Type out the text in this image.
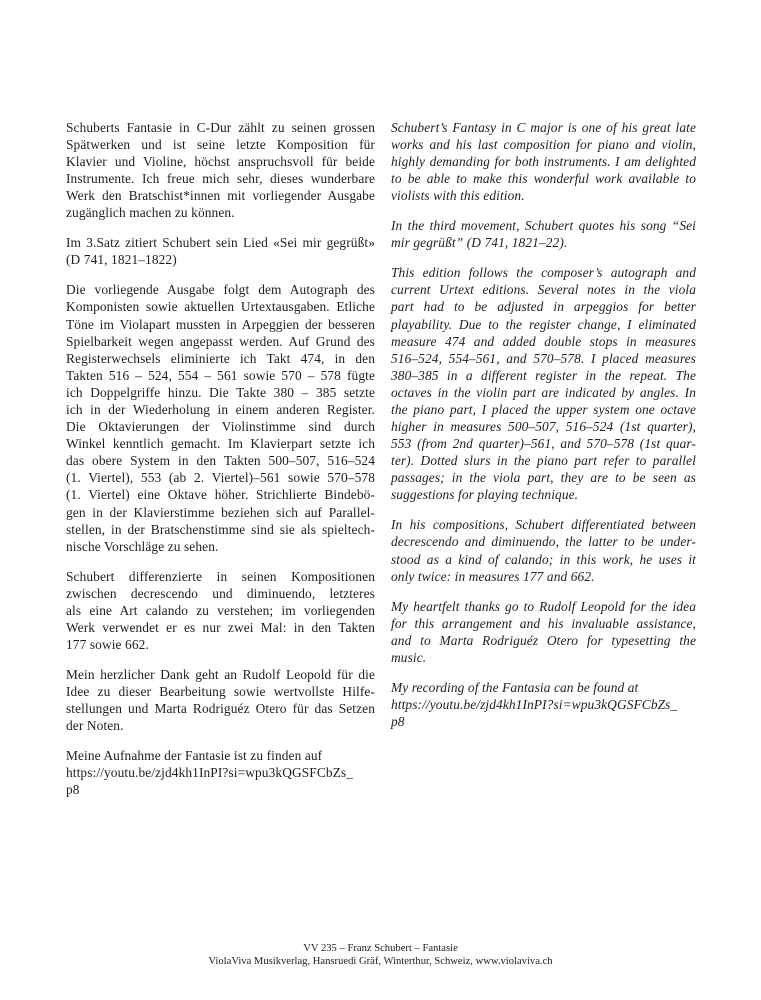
Schuberts Fantasie in C-Dur zählt zu seinen grossen
Spätwerken und ist seine letzte Komposition für
Klavier und Violine, höchst anspruchsvoll für beide
Instrumente. Ich freue mich sehr, dieses wunderbare
Werk den Bratschist*innen mit vorliegender Ausgabe
zugänglich machen zu können.
Im 3.Satz zitiert Schubert sein Lied «Sei mir gegrüßt»
(D 741, 1821–1822)
Die vorliegende Ausgabe folgt dem Autograph des
Komponisten sowie aktuellen Urtextausgaben. Etliche
Töne im Violapart mussten in Arpeggien der besseren
Spielbarkeit wegen angepasst werden. Auf Grund des
Registerwechsels eliminierte ich Takt 474, in den
Takten 516 – 524, 554 – 561 sowie 570 – 578 fügte
ich Doppelgriffe hinzu. Die Takte 380 – 385 setzte
ich in der Wiederholung in einem anderen Register.
Die Oktavierungen der Violinstimme sind durch
Winkel kenntlich gemacht. Im Klavierpart setzte ich
das obere System in den Takten 500–507, 516–524
(1. Viertel), 553 (ab 2. Viertel)–561 sowie 570–578
(1. Viertel) eine Oktave höher. Strichlierte Bindebö-
gen in der Klavierstimme beziehen sich auf Parallel-
stellen, in der Bratschenstimme sind sie als spieltech-
nische Vorschläge zu sehen.
Schubert differenzierte in seinen Kompositionen
zwischen decrescendo und diminuendo, letzteres
als eine Art calando zu verstehen; im vorliegenden
Werk verwendet er es nur zwei Mal: in den Takten
177 sowie 662.
Mein herzlicher Dank geht an Rudolf Leopold für die
Idee zu dieser Bearbeitung sowie wertvollste Hilfe-
stellungen und Marta Rodriguéz Otero für das Setzen
der Noten.
Meine Aufnahme der Fantasie ist zu finden auf
https://youtu.be/zjd4kh1InPI?si=wpu3kQGSFCbZs_
p8
Schubert’s Fantasy in C major is one of his great late
works and his last composition for piano and violin,
highly demanding for both instruments. I am delighted
to be able to make this wonderful work available to
violists with this edition.
In the third movement, Schubert quotes his song “Sei
mir gegrüßt” (D 741, 1821–22).
This edition follows the composer’s autograph and
current Urtext editions. Several notes in the viola
part had to be adjusted in arpeggios for better
playability. Due to the register change, I eliminated
measure 474 and added double stops in measures
516–524, 554–561, and 570–578. I placed measures
380–385 in a different register in the repeat. The
octaves in the violin part are indicated by angles. In
the piano part, I placed the upper system one octave
higher in measures 500–507, 516–524 (1st quarter),
553 (from 2nd quarter)–561, and 570–578 (1st quar-
ter). Dotted slurs in the piano part refer to parallel
passages; in the viola part, they are to be seen as
suggestions for playing technique.
In his compositions, Schubert differentiated between
decrescendo and diminuendo, the latter to be under-
stood as a kind of calando; in this work, he uses it
only twice: in measures 177 and 662.
My heartfelt thanks go to Rudolf Leopold for the idea
for this arrangement and his invaluable assistance,
and to Marta Rodriguéz Otero for typesetting the
music.
My recording of the Fantasia can be found at
https://youtu.be/zjd4kh1InPI?si=wpu3kQGSFCbZs_
p8
VV 235 – Franz Schubert – Fantasie
ViolaViva Musikverlag, Hansruedi Gräf, Winterthur, Schweiz, www.violaviva.ch
